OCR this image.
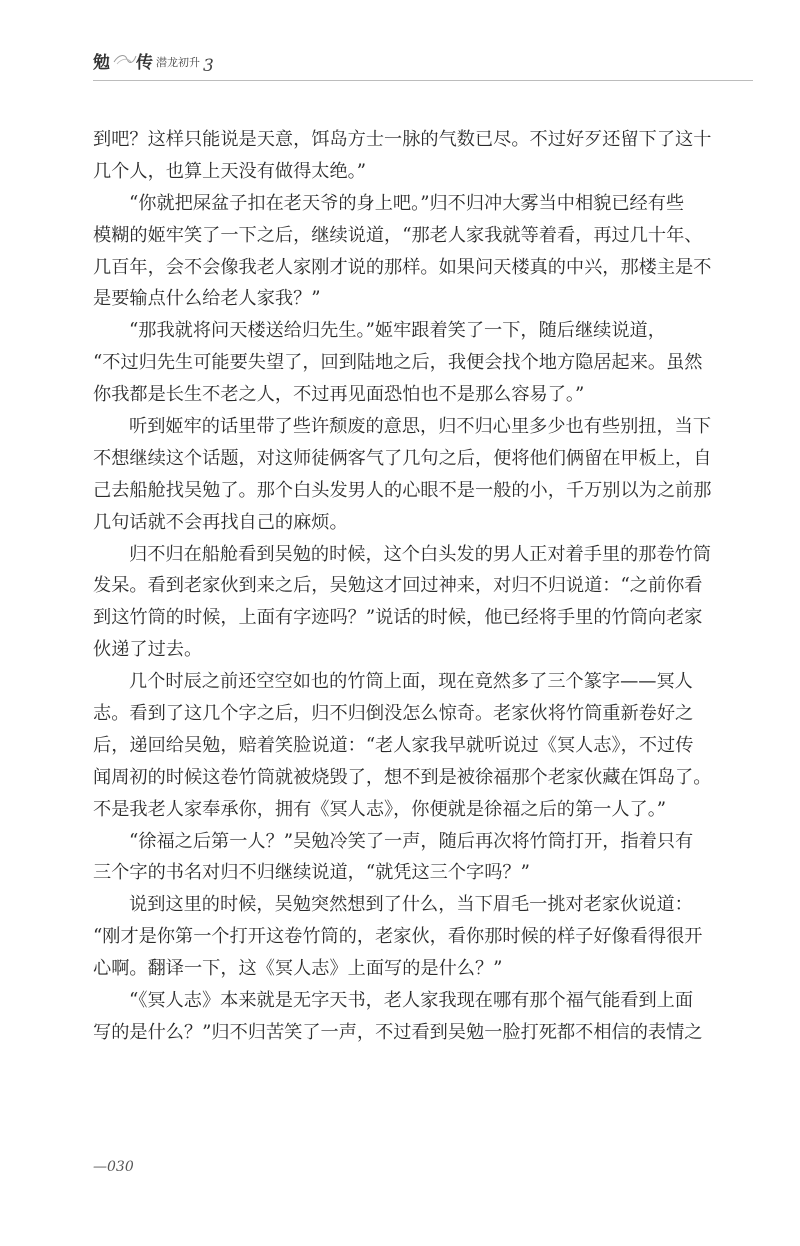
勉 传 潜龙初升 3
到吧？这样只能说是天意，饵岛方士一脉的气数已尽。不过好歹还留下了这十
几个人，也算上天没有做得太绝。”
“你就把屎盆子扣在老天爷的身上吧。”归不归冲大雾当中相貌已经有些
模糊的姬牢笑了一下之后，继续说道，“那老人家我就等着看，再过几十年、
几百年，会不会像我老人家刚才说的那样。如果问天楼真的中兴，那楼主是不
是要输点什么给老人家我？”
“那我就将问天楼送给归先生。”姬牢跟着笑了一下，随后继续说道，
“不过归先生可能要失望了，回到陆地之后，我便会找个地方隐居起来。虽然
你我都是长生不老之人，不过再见面恐怕也不是那么容易了。”
听到姬牢的话里带了些许颓废的意思，归不归心里多少也有些别扭，当下
不想继续这个话题，对这师徒俩客气了几句之后，便将他们俩留在甲板上，自
己去船舱找吴勉了。那个白头发男人的心眼不是一般的小，千万别以为之前那
几句话就不会再找自己的麻烦。
归不归在船舱看到吴勉的时候，这个白头发的男人正对着手里的那卷竹筒
发呆。看到老家伙到来之后，吴勉这才回过神来，对归不归说道：“之前你看
到这竹筒的时候，上面有字迹吗？”说话的时候，他已经将手里的竹筒向老家
伙递了过去。
几个时辰之前还空空如也的竹筒上面，现在竟然多了三个篆字——冥人
志。看到了这几个字之后，归不归倒没怎么惊奇。老家伙将竹筒重新卷好之
后，递回给吴勉，赔着笑脸说道：“老人家我早就听说过《冥人志》，不过传
闻周初的时候这卷竹筒就被烧毁了，想不到是被徐福那个老家伙藏在饵岛了。
不是我老人家奉承你，拥有《冥人志》，你便就是徐福之后的第一人了。”
“徐福之后第一人？”吴勉冷笑了一声，随后再次将竹筒打开，指着只有
三个字的书名对归不归继续说道，“就凭这三个字吗？”
说到这里的时候，吴勉突然想到了什么，当下眉毛一挑对老家伙说道：
“刚才是你第一个打开这卷竹筒的，老家伙，看你那时候的样子好像看得很开
心啊。翻译一下，这《冥人志》上面写的是什么？”
“《冥人志》本来就是无字天书，老人家我现在哪有那个福气能看到上面
写的是什么？”归不归苦笑了一声，不过看到吴勉一脸打死都不相信的表情之
—030
